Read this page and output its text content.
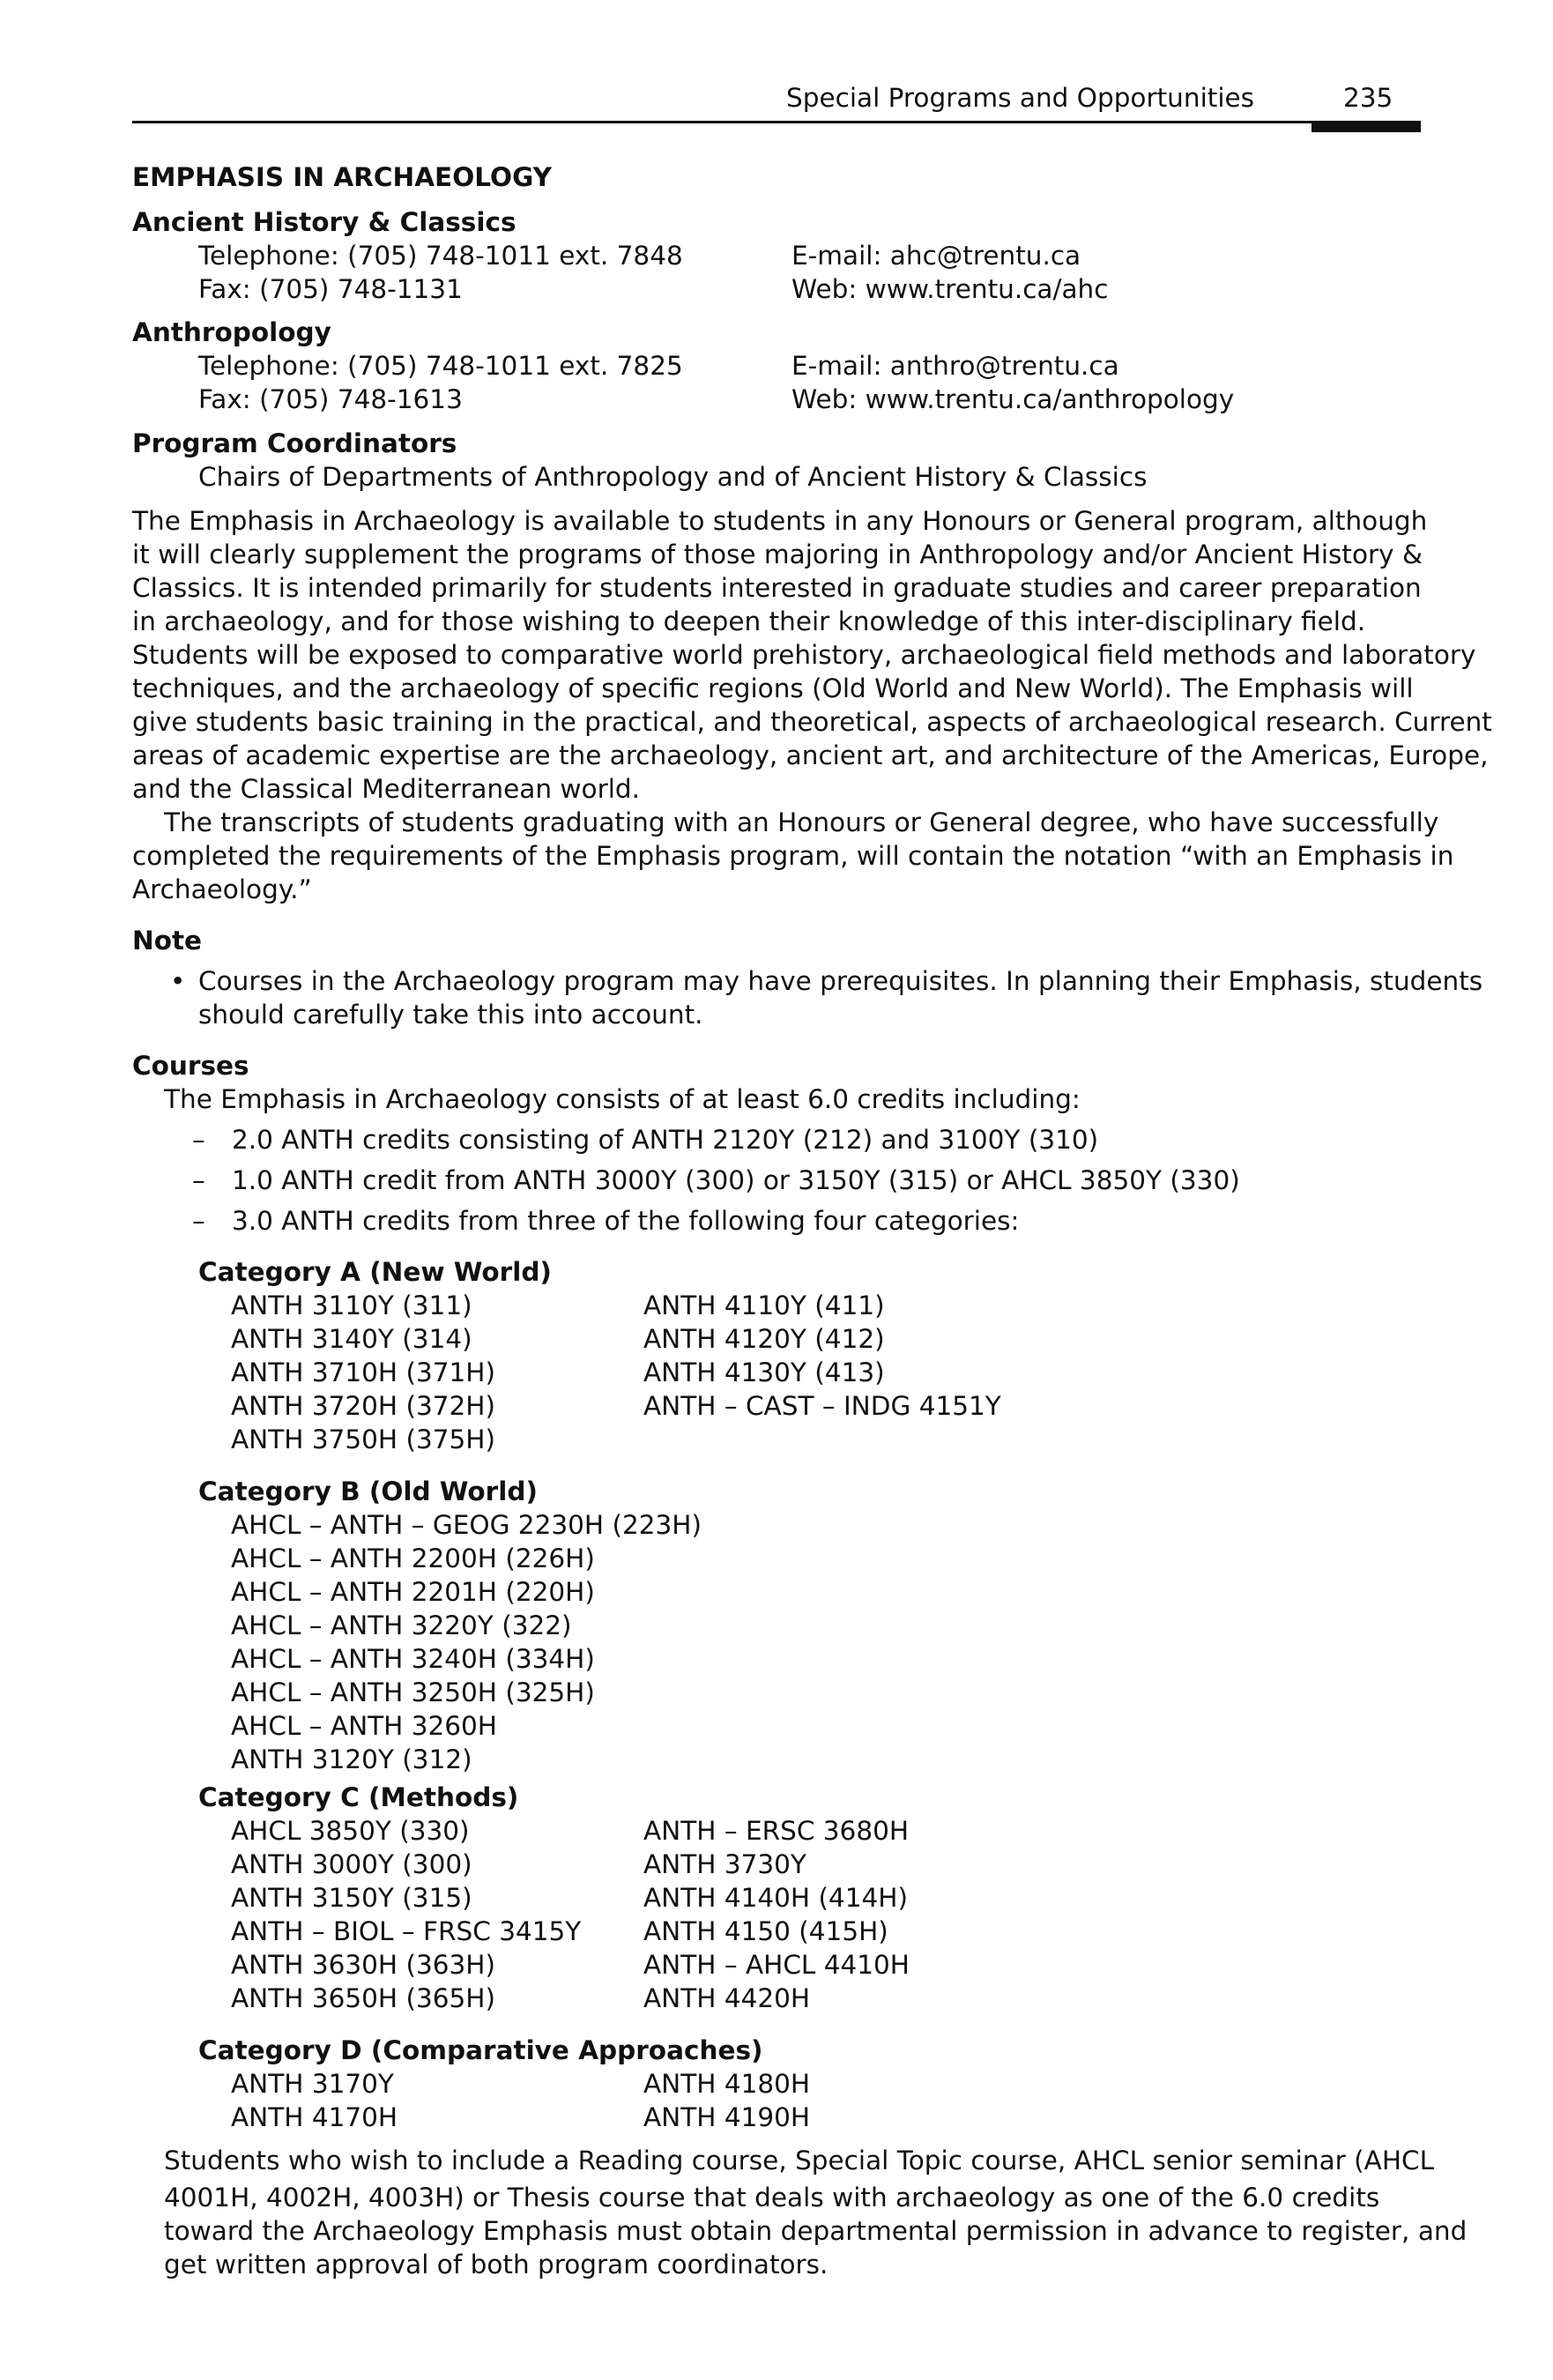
Special Programs and Opportunities	235
EMPHASIS IN ARCHAEOLOGY
Ancient History & Classics
Telephone: (705) 748-1011 ext. 7848
Fax: (705) 748-1131
E-mail: ahc@trentu.ca
Web: www.trentu.ca/ahc
Anthropology
Telephone: (705) 748-1011 ext. 7825
Fax: (705) 748-1613
E-mail: anthro@trentu.ca
Web: www.trentu.ca/anthropology
Program Coordinators
Chairs of Departments of Anthropology and of Ancient History & Classics
The Emphasis in Archaeology is available to students in any Honours or General program, although
it will clearly supplement the programs of those majoring in Anthropology and/or Ancient History &
Classics. It is intended primarily for students interested in graduate studies and career preparation
in archaeology, and for those wishing to deepen their knowledge of this inter-disciplinary field.
Students will be exposed to comparative world prehistory, archaeological field methods and laboratory
techniques, and the archaeology of specific regions (Old World and New World). The Emphasis will
give students basic training in the practical, and theoretical, aspects of archaeological research. Current
areas of academic expertise are the archaeology, ancient art, and architecture of the Americas, Europe,
and the Classical Mediterranean world.
The transcripts of students graduating with an Honours or General degree, who have successfully
completed the requirements of the Emphasis program, will contain the notation “with an Emphasis in
Archaeology.”
Note
• Courses in the Archaeology program may have prerequisites. In planning their Emphasis, students
should carefully take this into account.
Courses
The Emphasis in Archaeology consists of at least 6.0 credits including:
– 2.0 ANTH credits consisting of ANTH 2120Y (212) and 3100Y (310)
– 1.0 ANTH credit from ANTH 3000Y (300) or 3150Y (315) or AHCL 3850Y (330)
– 3.0 ANTH credits from three of the following four categories:
Category A (New World)
ANTH 3110Y (311)
ANTH 3140Y (314)
ANTH 3710H (371H)
ANTH 3720H (372H)
ANTH 3750H (375H)
ANTH 4110Y (411)
ANTH 4120Y (412)
ANTH 4130Y (413)
ANTH – CAST – INDG 4151Y
Category B (Old World)
AHCL – ANTH – GEOG 2230H (223H)
AHCL – ANTH 2200H (226H)
AHCL – ANTH 2201H (220H)
AHCL – ANTH 3220Y (322)
AHCL – ANTH 3240H (334H)
AHCL – ANTH 3250H (325H)
AHCL – ANTH 3260H
ANTH 3120Y (312)
Category C (Methods)
AHCL 3850Y (330)
ANTH 3000Y (300)
ANTH 3150Y (315)
ANTH – BIOL – FRSC 3415Y
ANTH 3630H (363H)
ANTH 3650H (365H)
ANTH – ERSC 3680H
ANTH 3730Y
ANTH 4140H (414H)
ANTH 4150 (415H)
ANTH – AHCL 4410H
ANTH 4420H
Category D (Comparative Approaches)
ANTH 3170Y
ANTH 4170H
ANTH 4180H
ANTH 4190H
Students who wish to include a Reading course, Special Topic course, AHCL senior seminar (AHCL
4001H, 4002H, 4003H) or Thesis course that deals with archaeology as one of the 6.0 credits
toward the Archaeology Emphasis must obtain departmental permission in advance to register, and
get written approval of both program coordinators.
